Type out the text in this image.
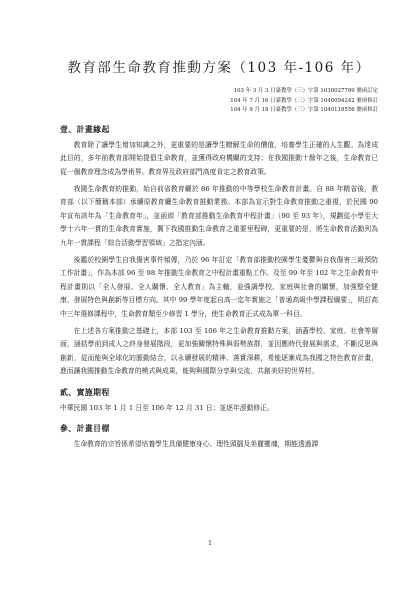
教育部生命教育推動方案（103 年-106 年）
103 年 3 月 3 日臺教學（三）字第 1030027799 號函訂定
104 年 7 月 16 日臺教學（三）字第 1040094242 號函修訂
104 年 9 月 18 日臺教學（三）字第 1040118556 號函修訂
壹、計畫緣起

教育除了讓學生增加知識之外，更重要的是讓學生瞭解生命的價值，培養學生正確的人生觀。為達成此目的，多年前教育部開始提倡生命教育，並獲得政府機關的支持；在我國推動十餘年之後，生命教育已從一個教育理念成為學術界、教育界及政府部門高度肯定之教育政策。

我國生命教育的推動，始自前省教育廳於 86 年推動的中等學校生命教育計畫。自 88 年精省後，教育部（以下簡稱本部）承續原教育廳生命教育推動業務。本部為宣示對生命教育推動之重視，於民國 90 年宣布該年為「生命教育年」，並函頒「教育部推動生命教育中程計畫」（90 至 93 年），規劃從小學至大學十六年一貫的生命教育實施，冀下我國推動生命教育之重要里程碑，更重要的是，將生命教育活動列為九年一貫課程「綜合活動學習領域」之指定內涵。

後鑑於校園學生自我傷害事件頻傳，乃於 96 年訂定「教育部推動校園學生憂鬱與自我傷害三級預防工作計畫」，作為本部 96 至 98 年推動生命教育之中程計畫重點工作。及至 99 年至 102 年之生命教育中程計畫則以「全人發展、全人關懷、全人教育」為主軸，並強調學校、家庭與社會的關懷，加強整全健康、發展特色與創新等目標方向。其中 99 學年度起自高一迄年實施之「普通高級中學課程綱要」，明訂高中三年選修課程中，生命教育類至少修習 1 學分，使生命教育正式成為單一科目。

在上述各方案推動之基礎上，本部 103 至 106 年之生命教育推動方案，涵蓋學校、家庭、社會等層面，涵括學前到成人之終身發展階段，更加強關懷特殊與弱勢族群，並因應時代發展與需求，不斷反思與創新，從而能與全球化的脈動結合，以永續發展的精神、落實深耕，希能逐漸成為我國之特色教育計畫，進而讓我國推動生命教育的模式與成果，能夠與國際分享與交流，共創美好的世界村。

貳、實施期程

中華民國 103 年 1 月 1 日至 106 年 12 月 31 日；並逐年滾動修正。

參、計畫目標

生命教育的宗旨係希望培養學生具備健康身心、理性頭腦及美麗靈魂，期能透過課

1
